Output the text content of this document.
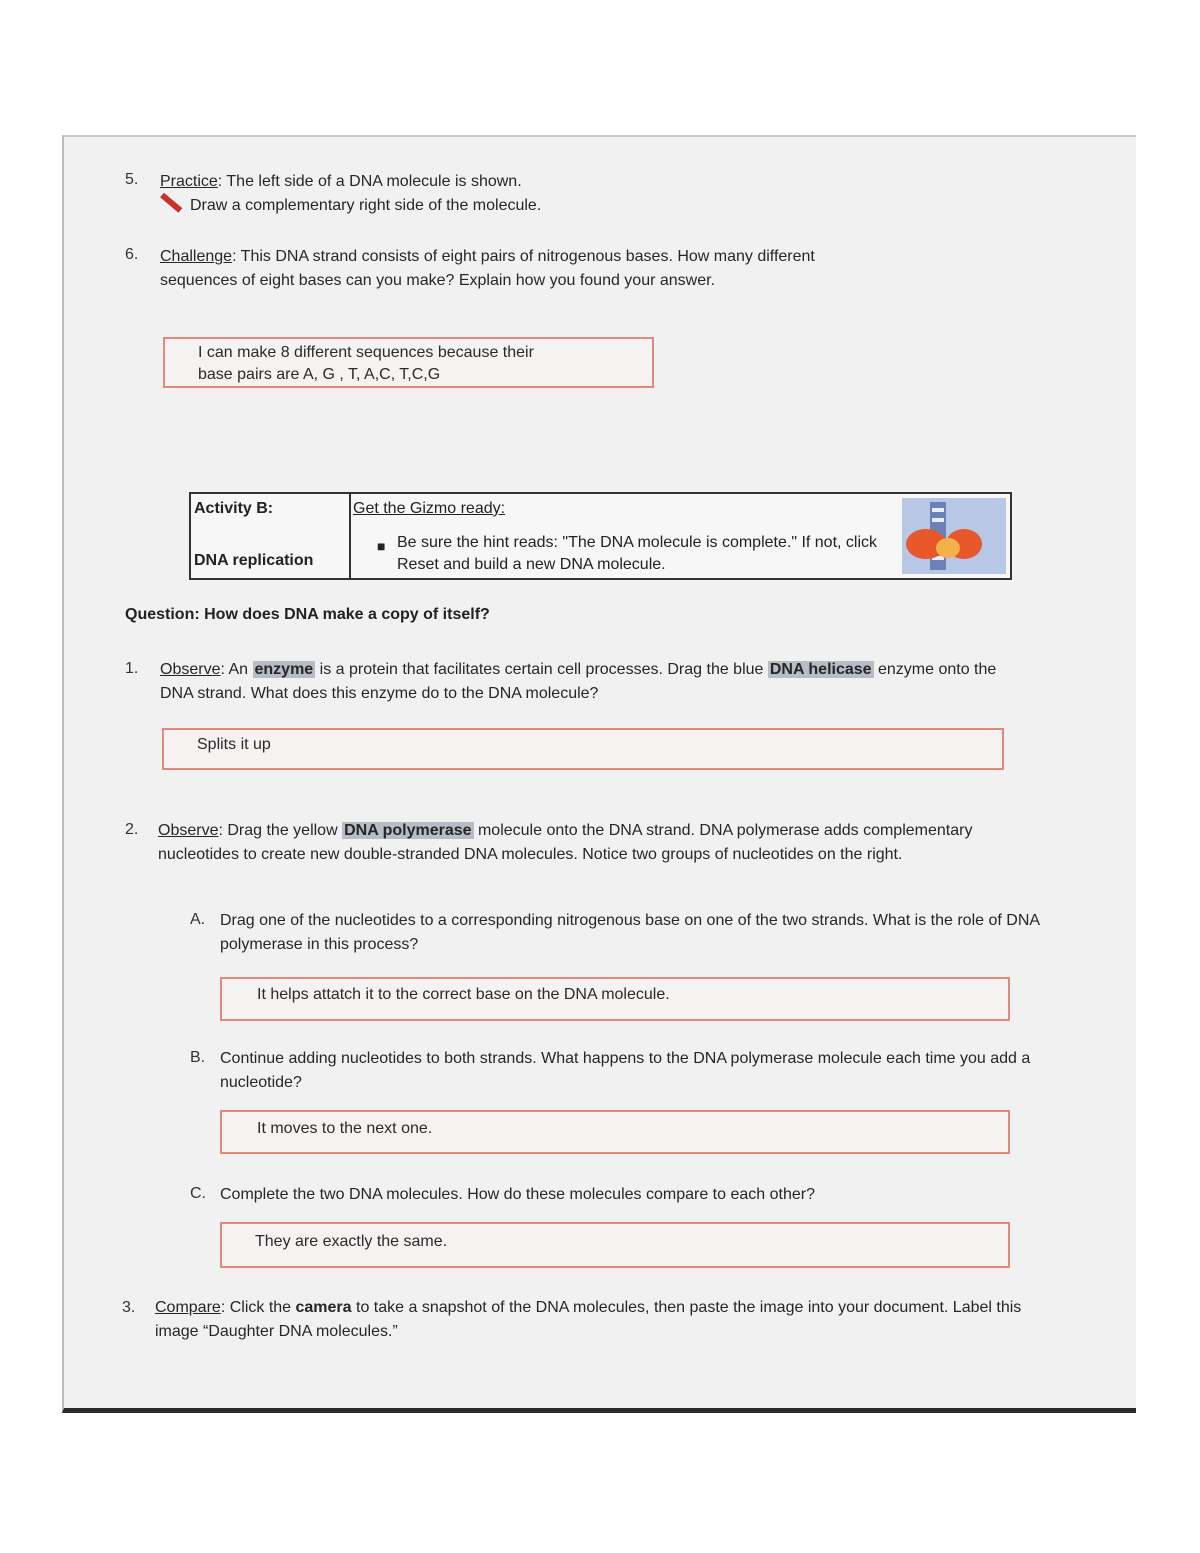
5. Practice: The left side of a DNA molecule is shown.
Draw a complementary right side of the molecule.
6. Challenge: This DNA strand consists of eight pairs of nitrogenous bases. How many different sequences of eight bases can you make? Explain how you found your answer.
I can make 8 different sequences because their
base pairs are A, G , T, A,C, T,C,G
Activity B:
DNA replication

Get the Gizmo ready:
■ Be sure the hint reads: "The DNA molecule is complete." If not, click Reset and build a new DNA molecule.
Question: How does DNA make a copy of itself?
1. Observe: An enzyme is a protein that facilitates certain cell processes. Drag the blue DNA helicase enzyme onto the DNA strand. What does this enzyme do to the DNA molecule?
Splits it up
2. Observe: Drag the yellow DNA polymerase molecule onto the DNA strand. DNA polymerase adds complementary nucleotides to create new double-stranded DNA molecules. Notice two groups of nucleotides on the right.
A. Drag one of the nucleotides to a corresponding nitrogenous base on one of the two strands. What is the role of DNA polymerase in this process?
It helps attatch it to the correct base on the DNA molecule.
B. Continue adding nucleotides to both strands. What happens to the DNA polymerase molecule each time you add a nucleotide?
It moves to the next one.
C. Complete the two DNA molecules. How do these molecules compare to each other?
They are exactly the same.
3. Compare: Click the camera to take a snapshot of the DNA molecules, then paste the image into your document. Label this image “Daughter DNA molecules.”
